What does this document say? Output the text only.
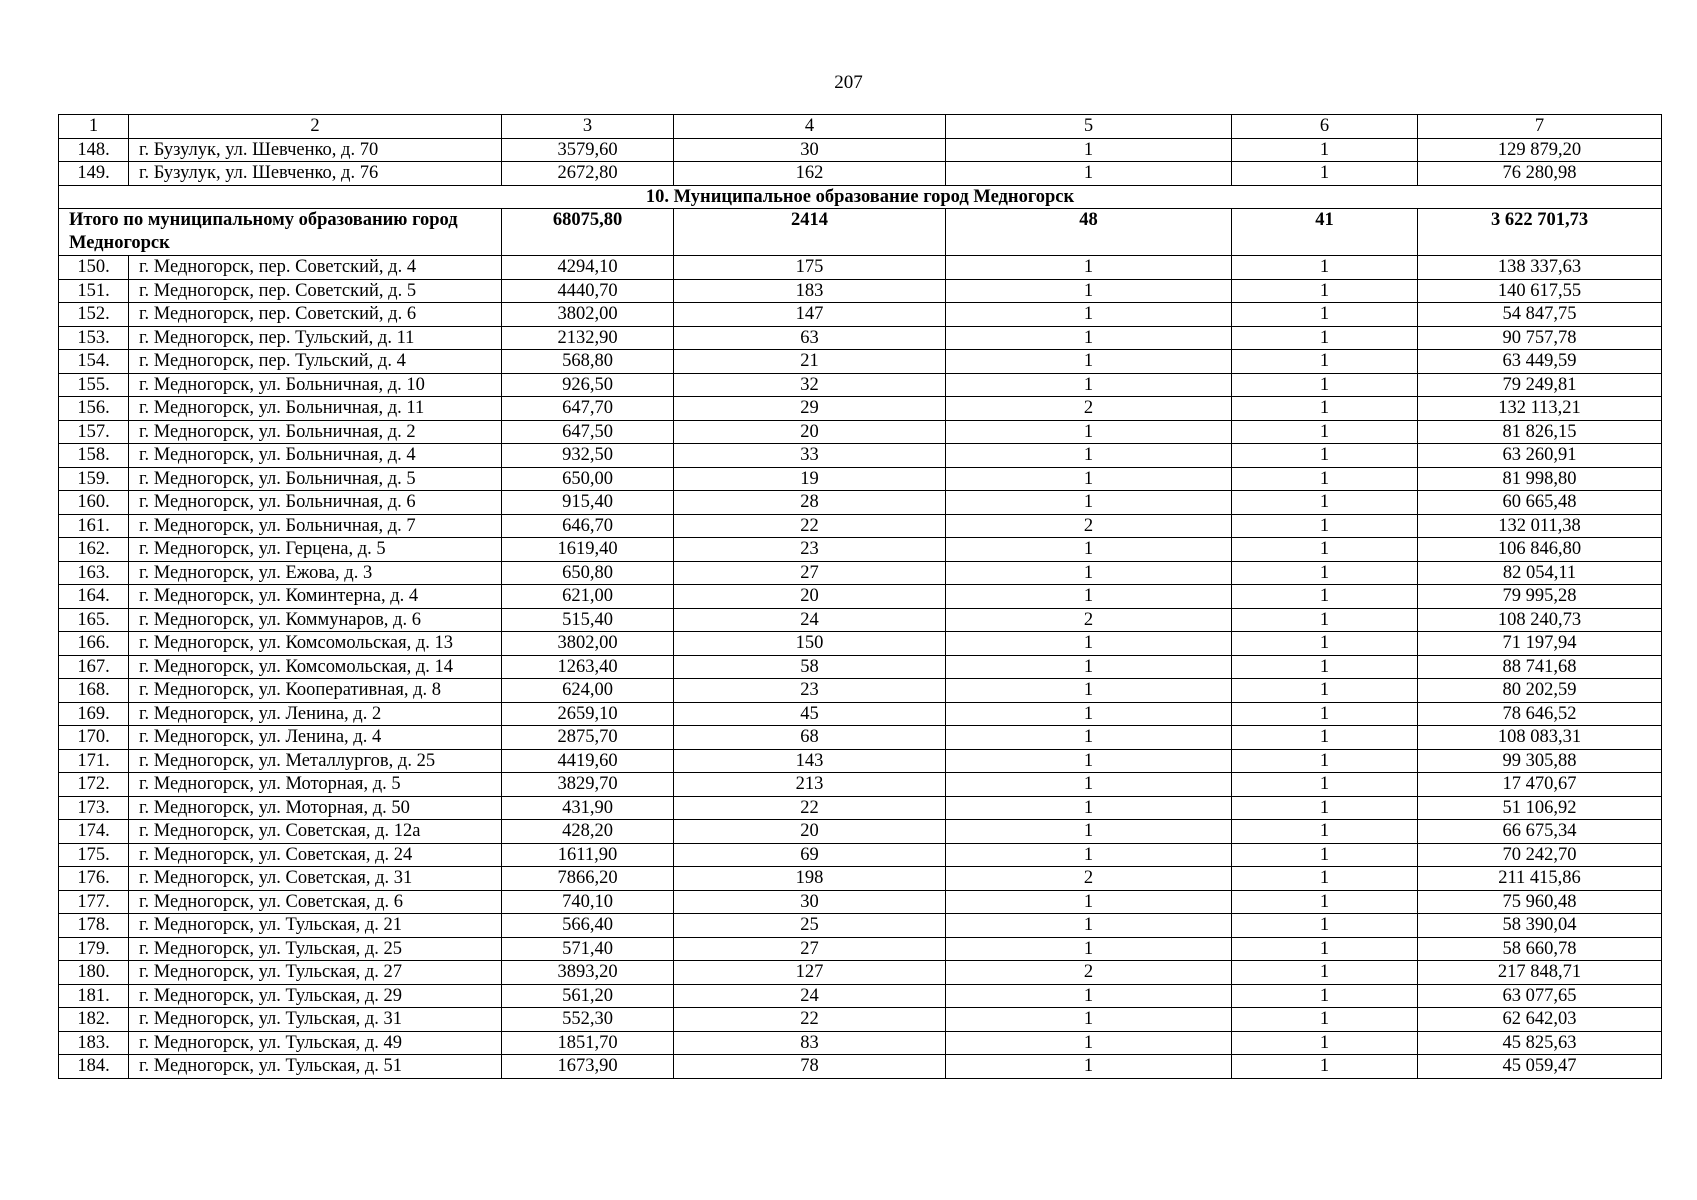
207
1	2	3	4	5	6	7
148.	г. Бузулук, ул. Шевченко, д. 70	3579,60	30	1	1	129 879,20
149.	г. Бузулук, ул. Шевченко, д. 76	2672,80	162	1	1	76 280,98
10. Муниципальное образование город Медногорск						
Итого по муниципальному образованию город Медногорск		68075,80	2414	48	41	3 622 701,73
150.	г. Медногорск, пер. Советский, д. 4	4294,10	175	1	1	138 337,63
151.	г. Медногорск, пер. Советский, д. 5	4440,70	183	1	1	140 617,55
152.	г. Медногорск, пер. Советский, д. 6	3802,00	147	1	1	54 847,75
153.	г. Медногорск, пер. Тульский, д. 11	2132,90	63	1	1	90 757,78
154.	г. Медногорск, пер. Тульский, д. 4	568,80	21	1	1	63 449,59
155.	г. Медногорск, ул. Больничная, д. 10	926,50	32	1	1	79 249,81
156.	г. Медногорск, ул. Больничная, д. 11	647,70	29	2	1	132 113,21
157.	г. Медногорск, ул. Больничная, д. 2	647,50	20	1	1	81 826,15
158.	г. Медногорск, ул. Больничная, д. 4	932,50	33	1	1	63 260,91
159.	г. Медногорск, ул. Больничная, д. 5	650,00	19	1	1	81 998,80
160.	г. Медногорск, ул. Больничная, д. 6	915,40	28	1	1	60 665,48
161.	г. Медногорск, ул. Больничная, д. 7	646,70	22	2	1	132 011,38
162.	г. Медногорск, ул. Герцена, д. 5	1619,40	23	1	1	106 846,80
163.	г. Медногорск, ул. Ежова, д. 3	650,80	27	1	1	82 054,11
164.	г. Медногорск, ул. Коминтерна, д. 4	621,00	20	1	1	79 995,28
165.	г. Медногорск, ул. Коммунаров, д. 6	515,40	24	2	1	108 240,73
166.	г. Медногорск, ул. Комсомольская, д. 13	3802,00	150	1	1	71 197,94
167.	г. Медногорск, ул. Комсомольская, д. 14	1263,40	58	1	1	88 741,68
168.	г. Медногорск, ул. Кооперативная, д. 8	624,00	23	1	1	80 202,59
169.	г. Медногорск, ул. Ленина, д. 2	2659,10	45	1	1	78 646,52
170.	г. Медногорск, ул. Ленина, д. 4	2875,70	68	1	1	108 083,31
171.	г. Медногорск, ул. Металлургов, д. 25	4419,60	143	1	1	99 305,88
172.	г. Медногорск, ул. Моторная, д. 5	3829,70	213	1	1	17 470,67
173.	г. Медногорск, ул. Моторная, д. 50	431,90	22	1	1	51 106,92
174.	г. Медногорск, ул. Советская, д. 12а	428,20	20	1	1	66 675,34
175.	г. Медногорск, ул. Советская, д. 24	1611,90	69	1	1	70 242,70
176.	г. Медногорск, ул. Советская, д. 31	7866,20	198	2	1	211 415,86
177.	г. Медногорск, ул. Советская, д. 6	740,10	30	1	1	75 960,48
178.	г. Медногорск, ул. Тульская, д. 21	566,40	25	1	1	58 390,04
179.	г. Медногорск, ул. Тульская, д. 25	571,40	27	1	1	58 660,78
180.	г. Медногорск, ул. Тульская, д. 27	3893,20	127	2	1	217 848,71
181.	г. Медногорск, ул. Тульская, д. 29	561,20	24	1	1	63 077,65
182.	г. Медногорск, ул. Тульская, д. 31	552,30	22	1	1	62 642,03
183.	г. Медногорск, ул. Тульская, д. 49	1851,70	83	1	1	45 825,63
184.	г. Медногорск, ул. Тульская, д. 51	1673,90	78	1	1	45 059,47
